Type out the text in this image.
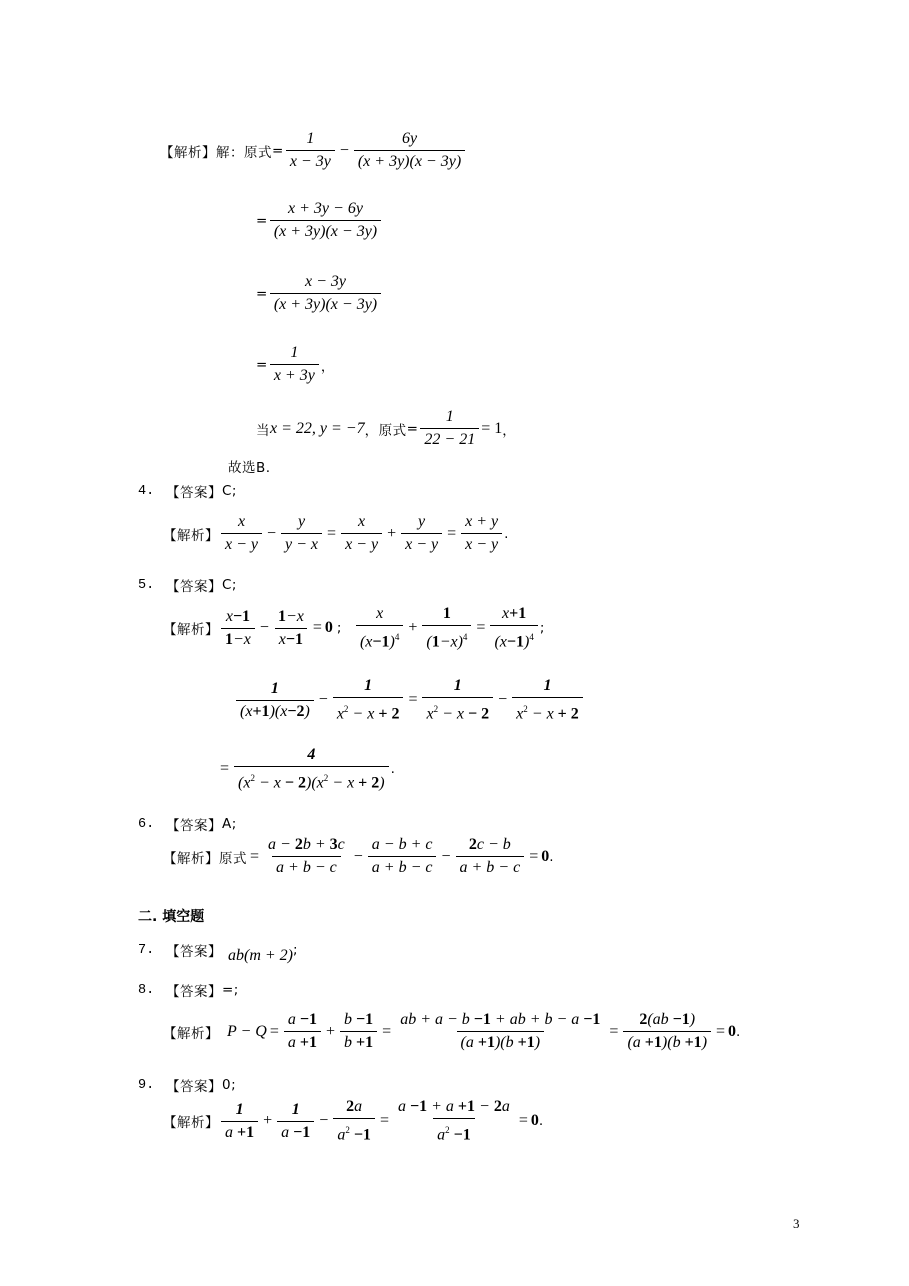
【解析】 解： 原式 = $\frac{1}{x - 3y} - \frac{6y}{(x + 3y)(x - 3y)}$
= $\frac{x + 3y - 6y}{(x + 3y)(x - 3y)}$
= $\frac{x - 3y}{(x + 3y)(x - 3y)}$
= $\frac{1}{x + 3y}$ ，
当 x = 22, y = −7 ， 原式 = $\frac{1}{22 - 21} = 1$ ，
故选B.
4. 【答案】 C;
【解析】 $\frac{x}{x - y} - \frac{y}{y - x} = \frac{x}{x - y} + \frac{y}{x - y} = \frac{x + y}{x - y}$ .
5. 【答案】 C;
【解析】 $\frac{x-1}{1-x} - \frac{1-x}{x-1} = 0$ ; $\frac{x}{(x-1)^4} + \frac{1}{(1-x)^4} = \frac{x+1}{(x-1)^4}$ ;
$\frac{1}{(x+1)(x-2)} - \frac{1}{x^2 - x + 2} = \frac{1}{x^2 - x - 2} - \frac{1}{x^2 - x + 2}$
= $\frac{4}{(x^2 - x - 2)(x^2 - x + 2)}$ .
6. 【答案】 A;
【解析】 原式 = $\frac{a - 2b + 3c}{a + b - c} - \frac{a - b + c}{a + b - c} - \frac{2c - b}{a + b - c} = 0$ .
二. 填空题
7. 【答案】 ab(m + 2) ;
8. 【答案】 =;
【解析】 $P - Q = \frac{a -1}{a +1} + \frac{b -1}{b +1} = \frac{ab + a - b -1 + ab + b - a -1}{(a +1)(b +1)} = \frac{2(ab -1)}{(a +1)(b +1)} = 0$ .
9. 【答案】 0;
【解析】 $\frac{1}{a +1} + \frac{1}{a -1} - \frac{2a}{a^2 -1} = \frac{a -1 + a +1 - 2a}{a^2 -1} = 0$ .
3
